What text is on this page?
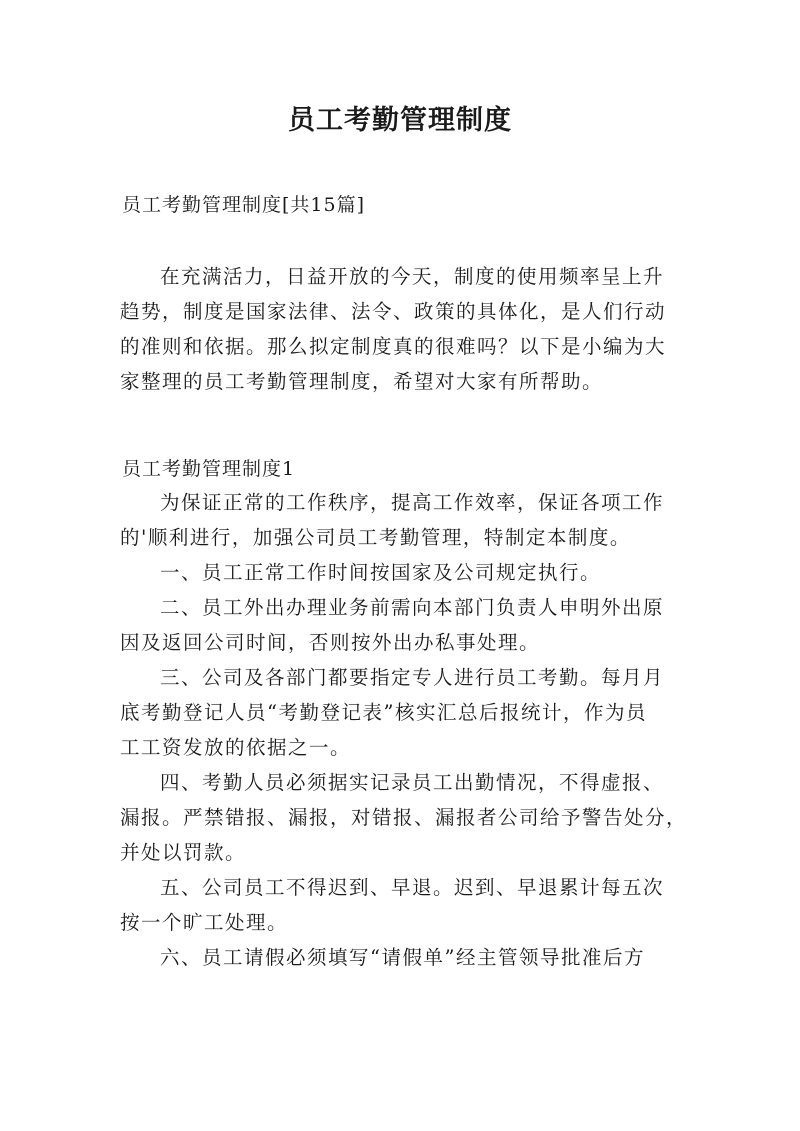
员工考勤管理制度

员工考勤管理制度[共15篇]

在充满活力，日益开放的今天，制度的使用频率呈上升

趋势，制度是国家法律、法令、政策的具体化，是人们行动

的准则和依据。那么拟定制度真的很难吗？以下是小编为大

家整理的员工考勤管理制度，希望对大家有所帮助。

员工考勤管理制度1

为保证正常的工作秩序，提高工作效率，保证各项工作

的'顺利进行，加强公司员工考勤管理，特制定本制度。

一、员工正常工作时间按国家及公司规定执行。

二、员工外出办理业务前需向本部门负责人申明外出原

因及返回公司时间，否则按外出办私事处理。

三、公司及各部门都要指定专人进行员工考勤。每月月

底考勤登记人员“考勤登记表”核实汇总后报统计，作为员

工工资发放的依据之一。

四、考勤人员必须据实记录员工出勤情况，不得虚报、

漏报。严禁错报、漏报，对错报、漏报者公司给予警告处分，

并处以罚款。

五、公司员工不得迟到、早退。迟到、早退累计每五次

按一个旷工处理。

六、员工请假必须填写“请假单”经主管领导批准后方
